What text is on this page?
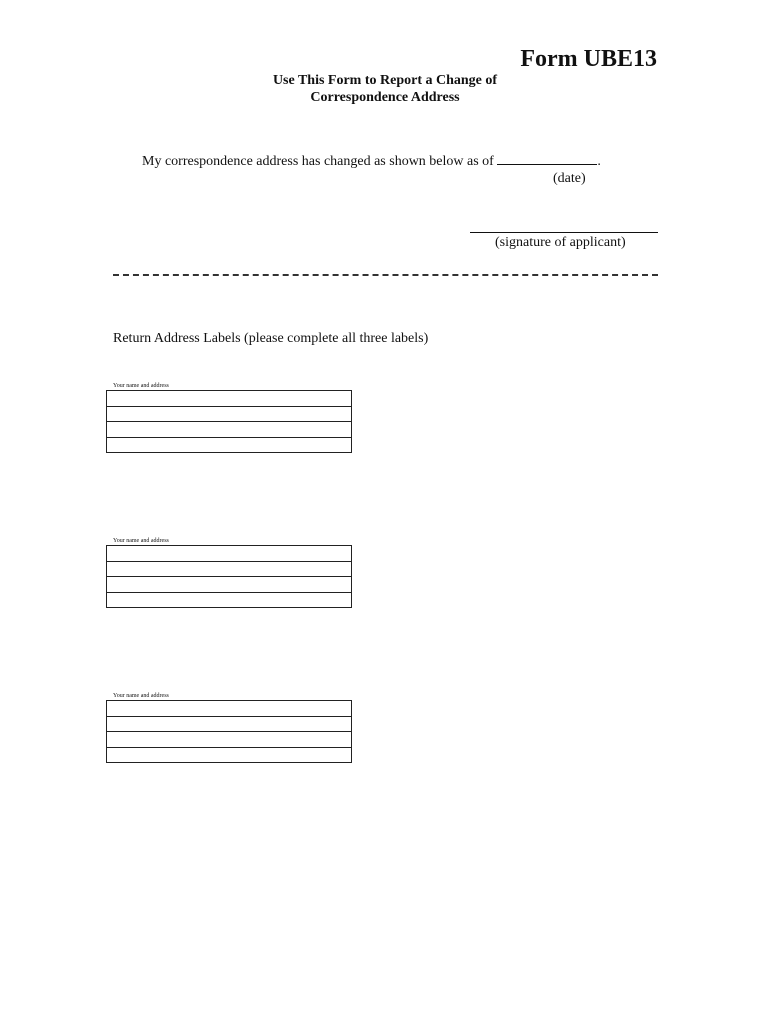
Form UBE13
Use This Form to Report a Change of
Correspondence Address
My correspondence address has changed as shown below as of	.
(date)
(signature of applicant)
Return Address Labels (please complete all three labels)
Your name and address
Your name and address
Your name and address
